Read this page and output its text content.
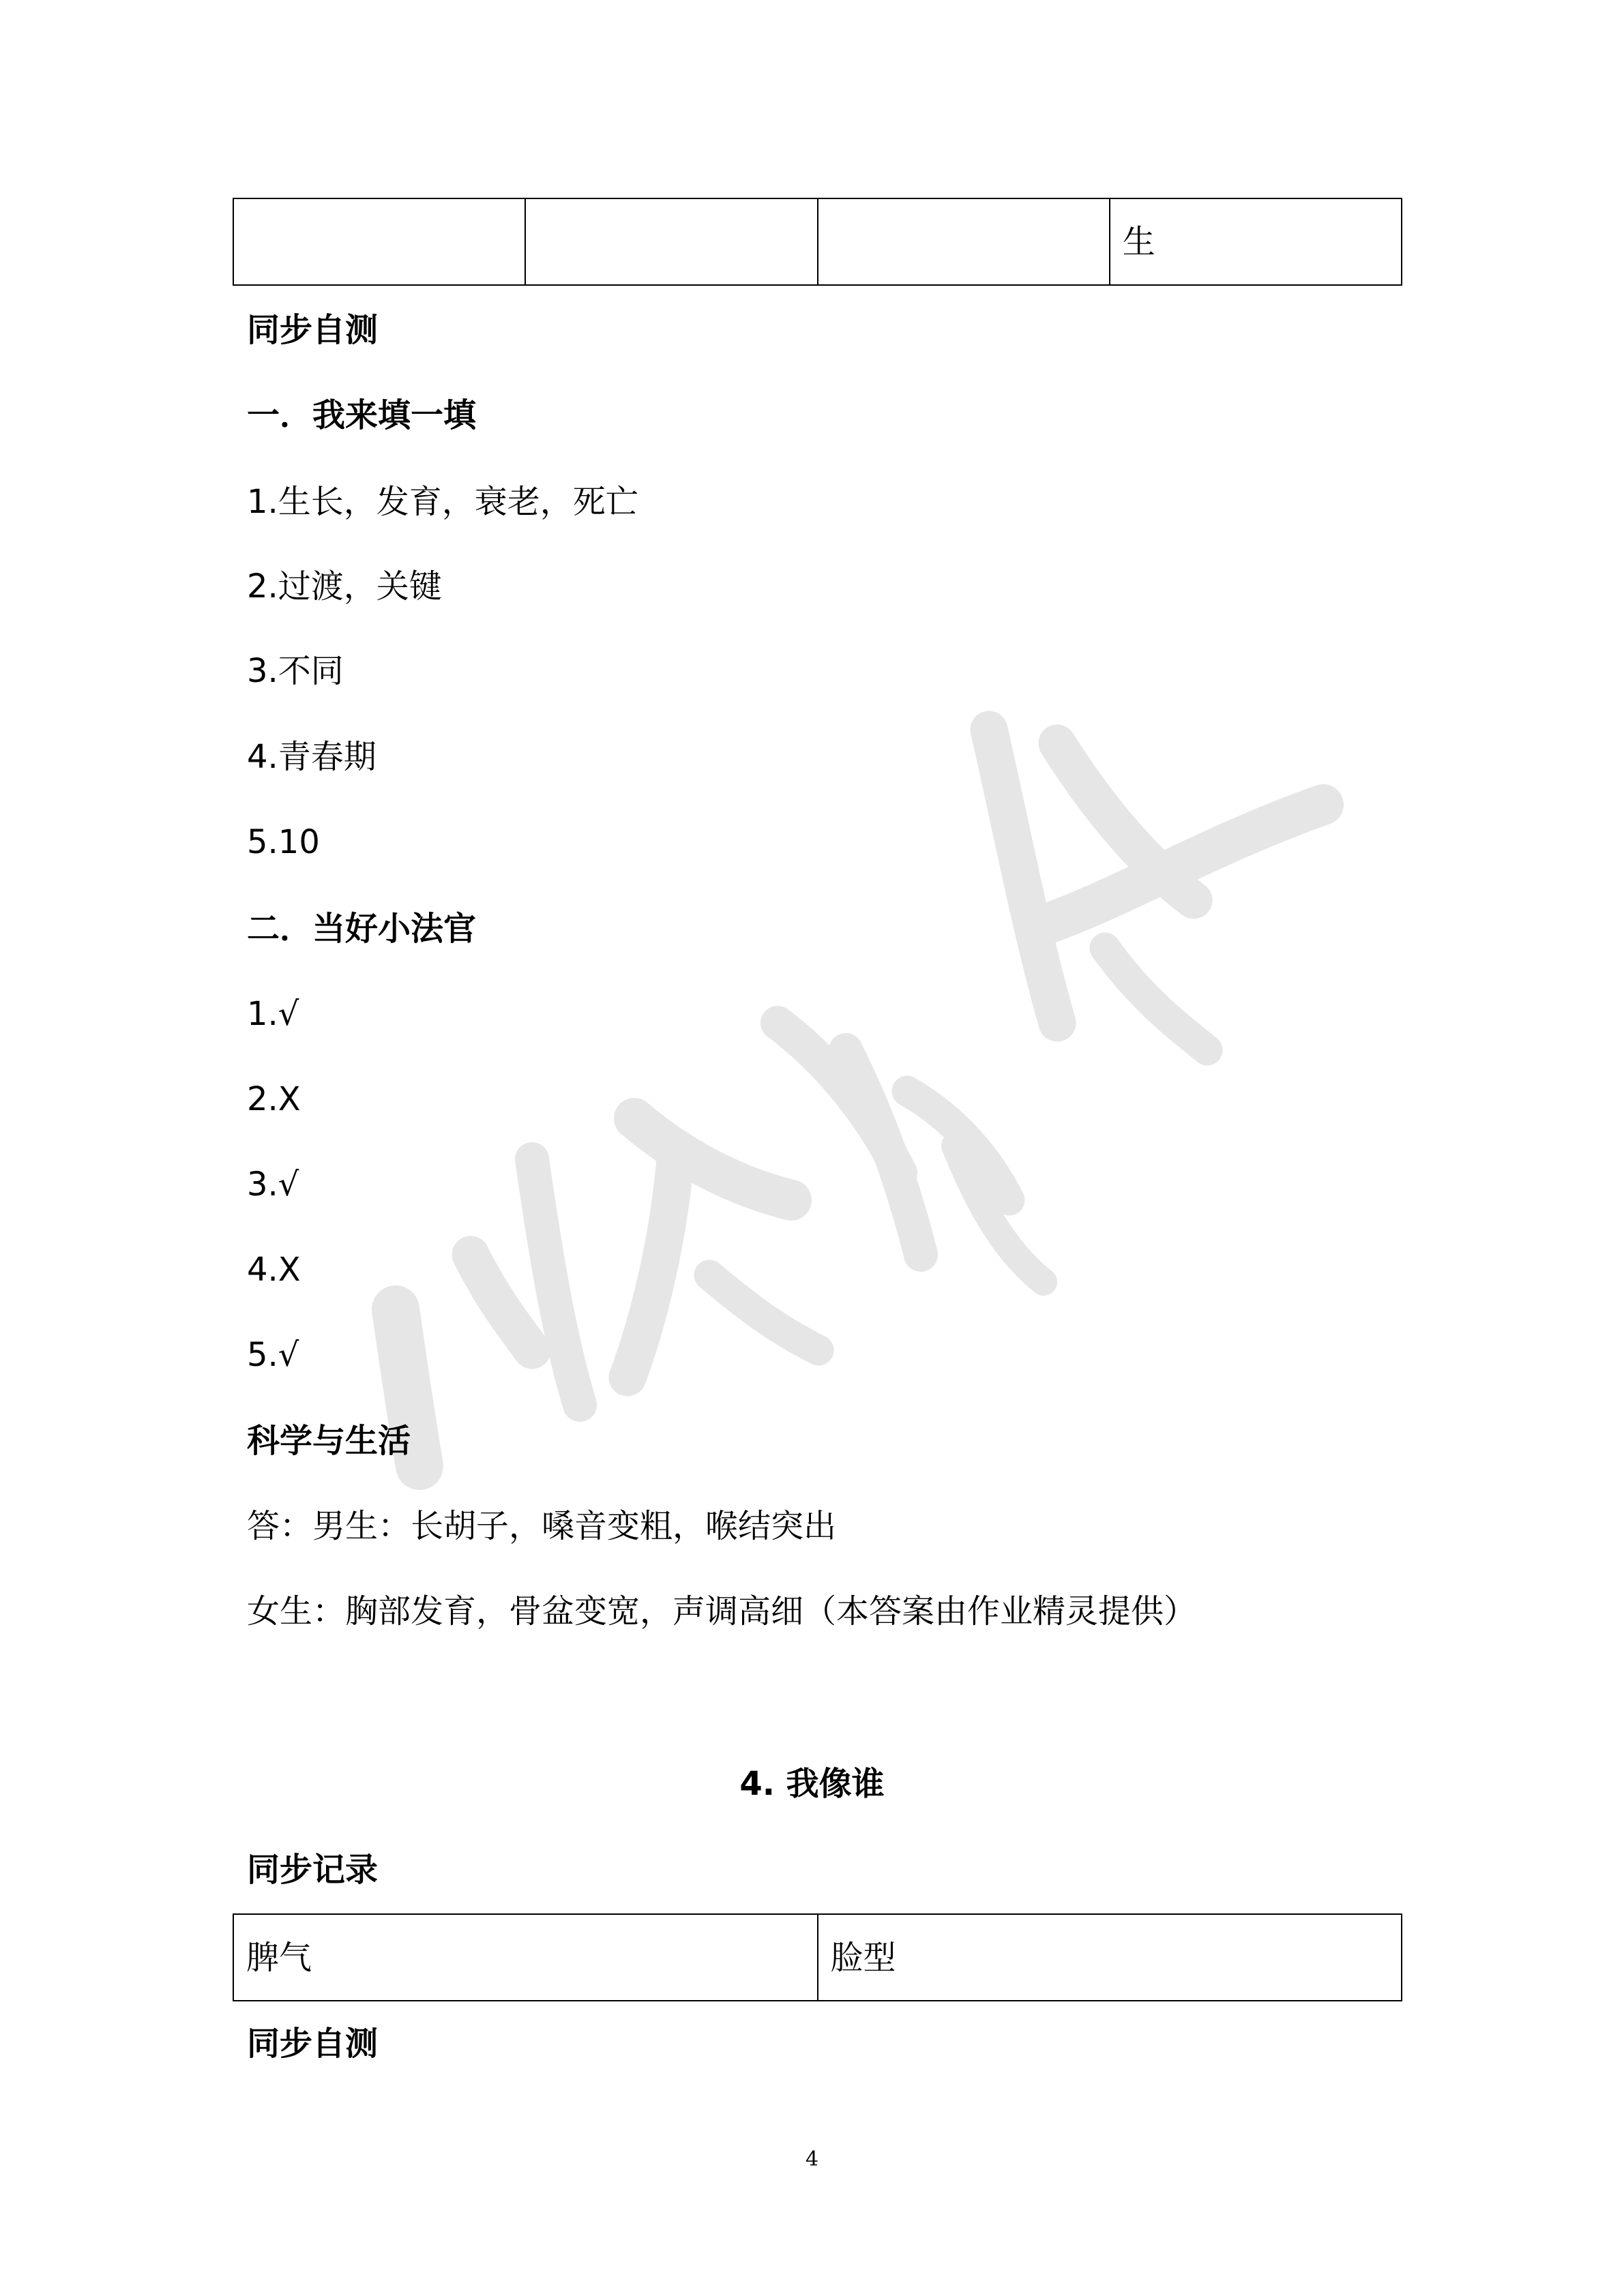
			生
同步自测
一．我来填一填
1.生长，发育，衰老，死亡
2.过渡，关键
3.不同
4.青春期
5.10
二．当好小法官
1.√
2.X
3.√
4.X
5.√
科学与生活
答：男生：长胡子，嗓音变粗，喉结突出
女生：胸部发育，骨盆变宽，声调高细（本答案由作业精灵提供）
4. 我像谁
同步记录
脾气	脸型
同步自测
4
